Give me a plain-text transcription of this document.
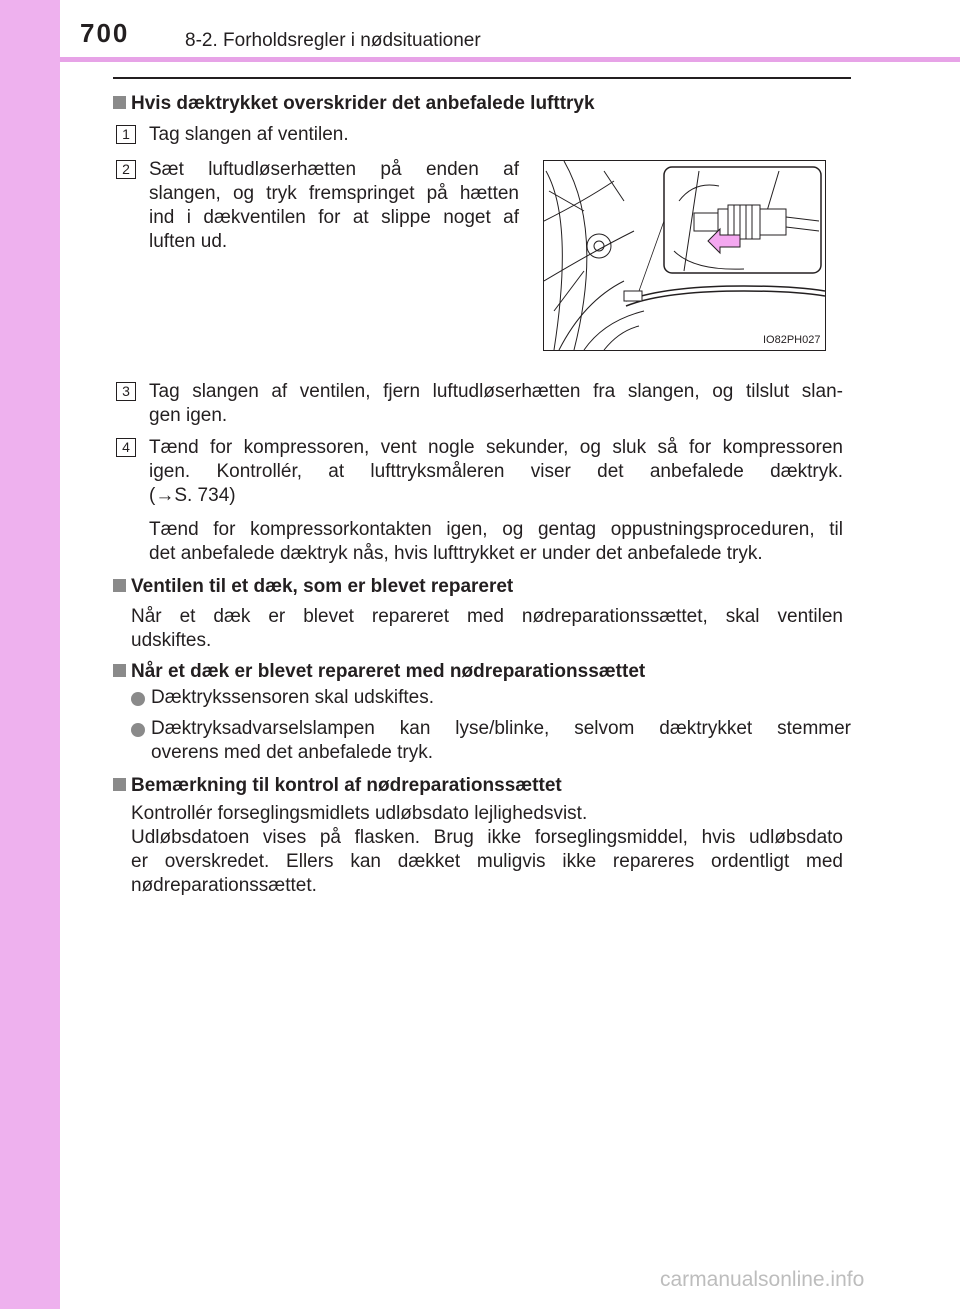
700	8-2. Forholdsregler i nødsituationer
Hvis dæktrykket overskrider det anbefalede lufttryk
1	Tag slangen af ventilen.
2	Sæt luftudløserhætten på enden af
slangen, og tryk fremspringet på hætten
ind i dækventilen for at slippe noget af
luften ud.
IO82PH027
3	Tag slangen af ventilen, fjern luftudløserhætten fra slangen, og tilslut slan-
gen igen.
4	Tænd for kompressoren, vent nogle sekunder, og sluk så for kompressoren
igen. Kontrollér, at lufttryksmåleren viser det anbefalede dæktryk.
(→S. 734)
Tænd for kompressorkontakten igen, og gentag oppustningsproceduren, til
det anbefalede dæktryk nås, hvis lufttrykket er under det anbefalede tryk.
Ventilen til et dæk, som er blevet repareret
Når et dæk er blevet repareret med nødreparationssættet, skal ventilen
udskiftes.
Når et dæk er blevet repareret med nødreparationssættet
Dæktrykssensoren skal udskiftes.
Dæktryksadvarselslampen kan lyse/blinke, selvom dæktrykket stemmer
overens med det anbefalede tryk.
Bemærkning til kontrol af nødreparationssættet
Kontrollér forseglingsmidlets udløbsdato lejlighedsvist.
Udløbsdatoen vises på flasken. Brug ikke forseglingsmiddel, hvis udløbsdato
er overskredet. Ellers kan dækket muligvis ikke repareres ordentligt med
nødreparationssættet.
carmanualsonline.info
